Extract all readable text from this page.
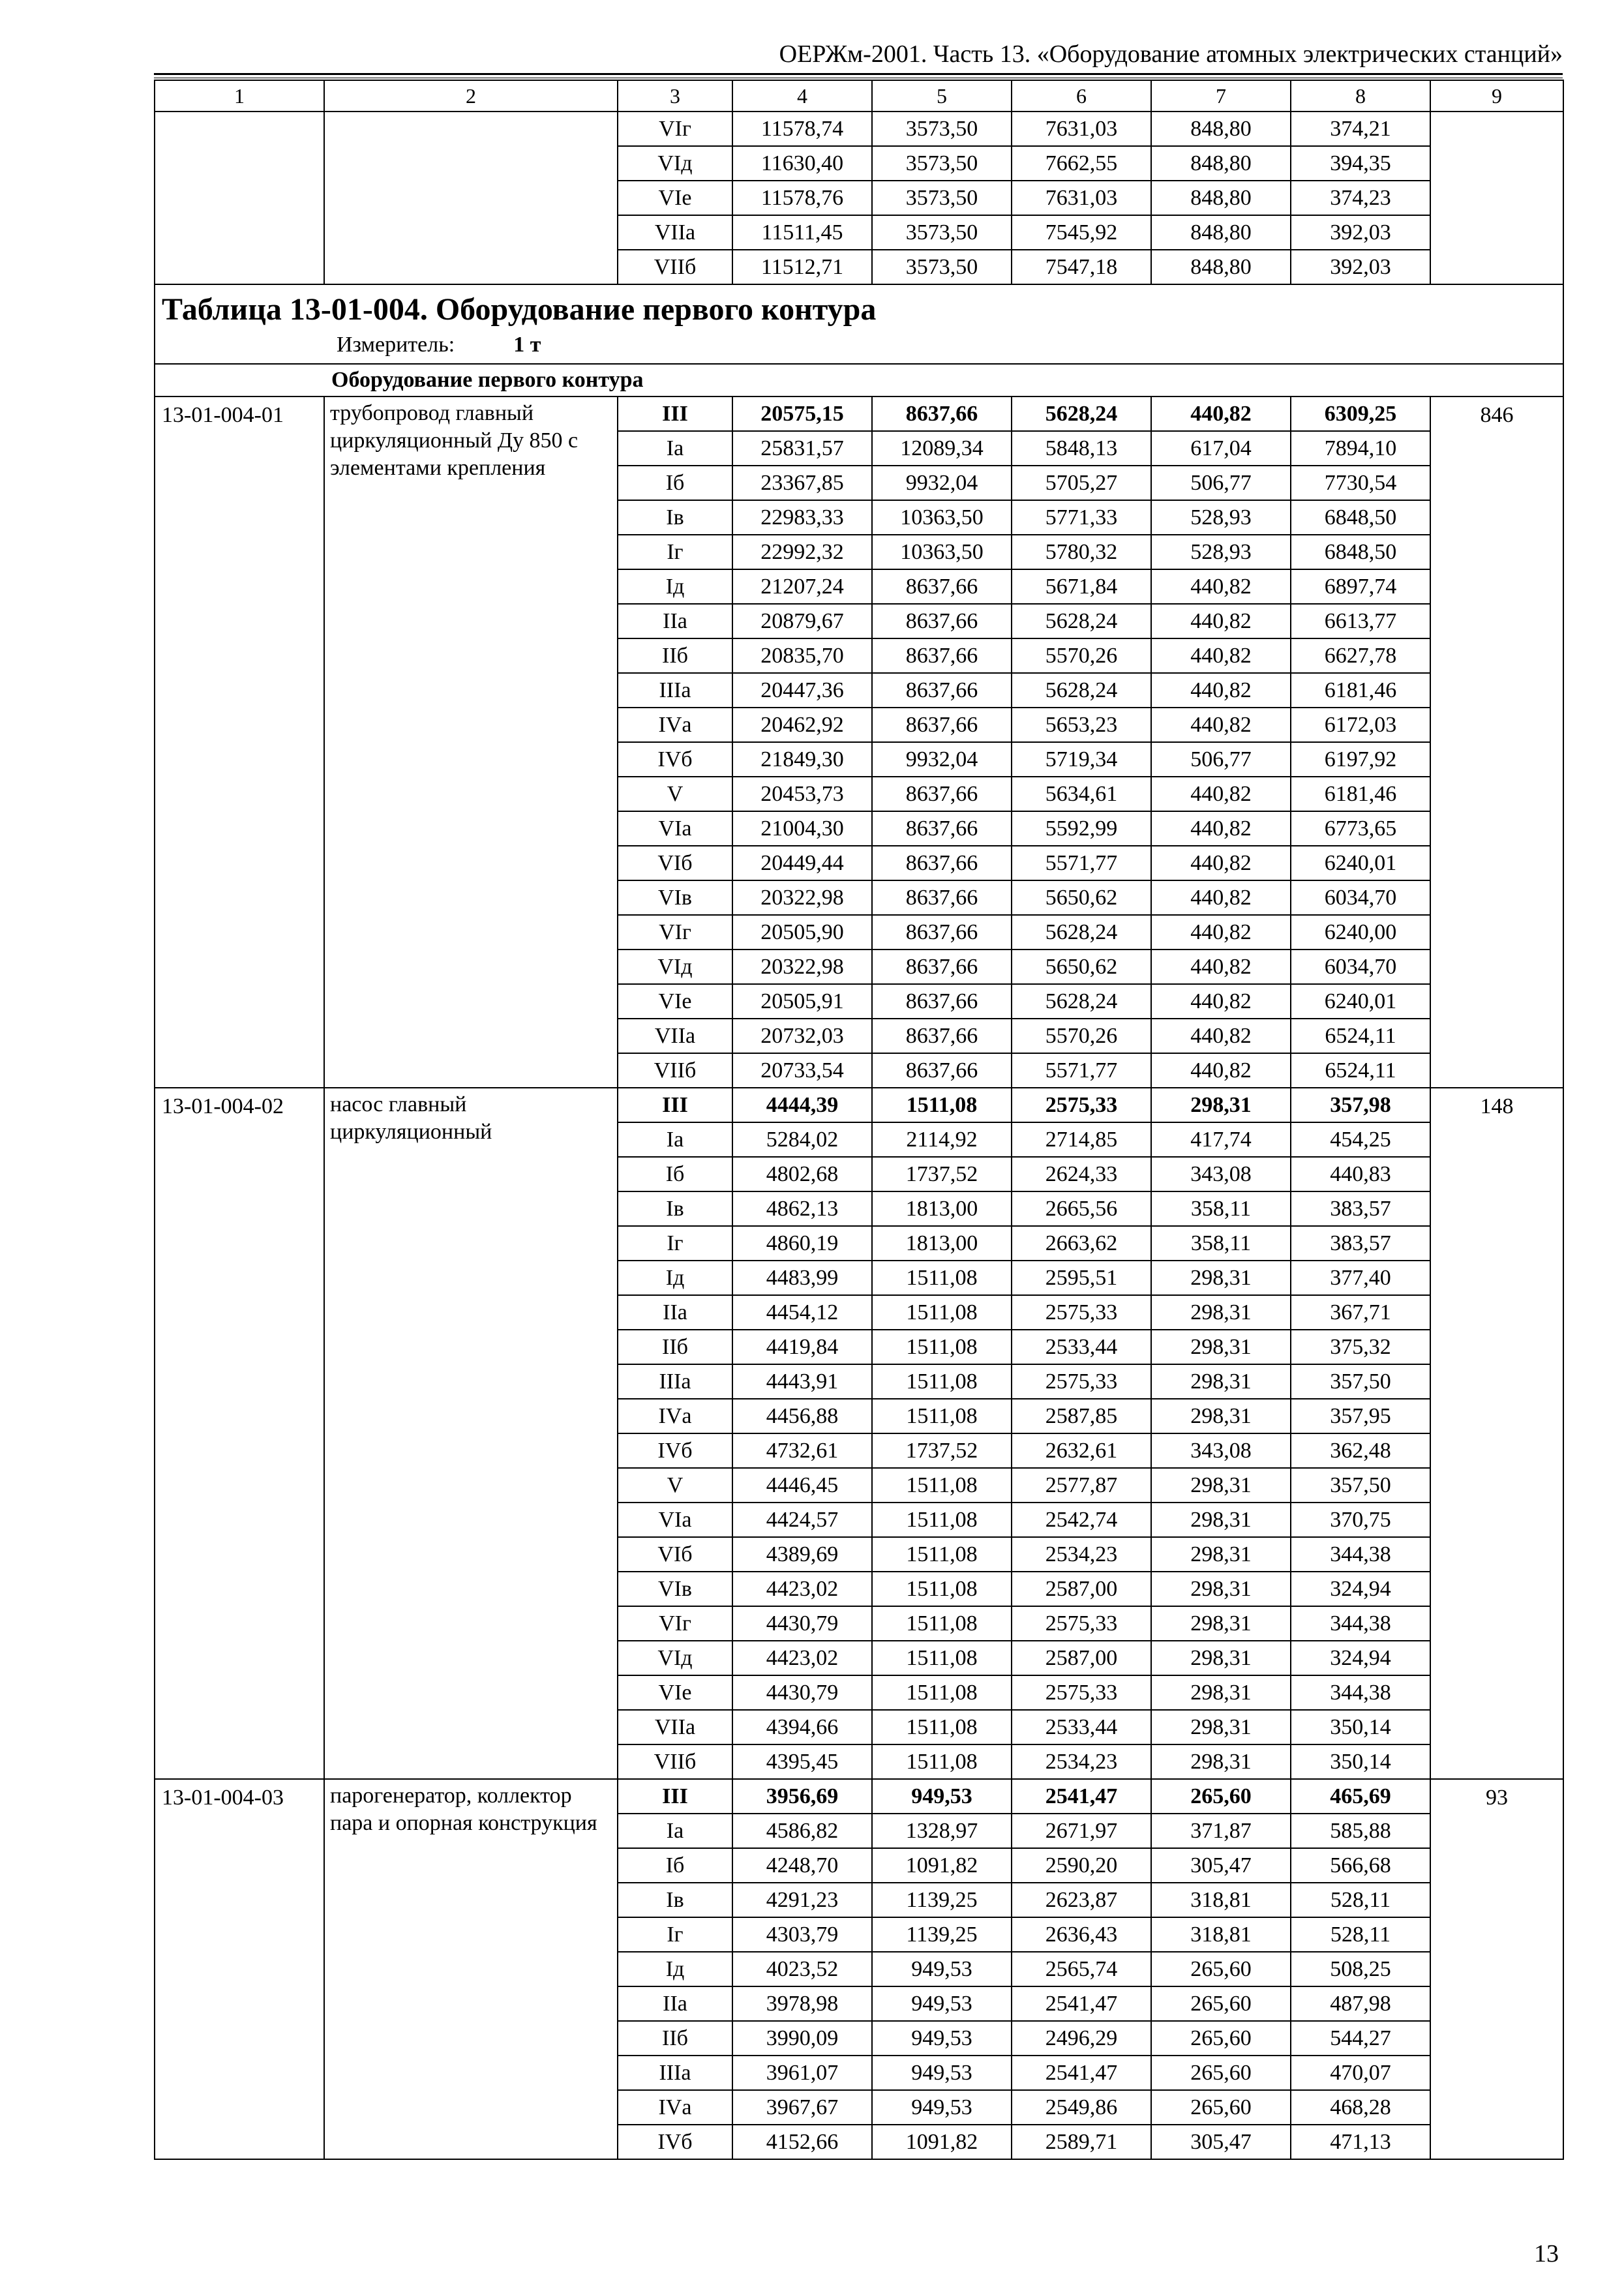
ОЕРЖм-2001. Часть 13. «Оборудование атомных электрических станций»
1	2	3	4	5	6	7	8	9
		VIг	11578,74	3573,50	7631,03	848,80	374,21	
		VIд	11630,40	3573,50	7662,55	848,80	394,35	
		VIе	11578,76	3573,50	7631,03	848,80	374,23	
		VIIа	11511,45	3573,50	7545,92	848,80	392,03	
		VIIб	11512,71	3573,50	7547,18	848,80	392,03	

Таблица 13-01-004. Оборудование первого контура
Измеритель: 1 т								

Оборудование первого контура								
13-01-004-01	трубопровод главный циркуляционный Ду 850 с элементами крепления	III	20575,15	8637,66	5628,24	440,82	6309,25	846
		Iа	25831,57	12089,34	5848,13	617,04	7894,10	
		Iб	23367,85	9932,04	5705,27	506,77	7730,54	
		Iв	22983,33	10363,50	5771,33	528,93	6848,50	
		Iг	22992,32	10363,50	5780,32	528,93	6848,50	
		Iд	21207,24	8637,66	5671,84	440,82	6897,74	
		IIа	20879,67	8637,66	5628,24	440,82	6613,77	
		IIб	20835,70	8637,66	5570,26	440,82	6627,78	
		IIIа	20447,36	8637,66	5628,24	440,82	6181,46	
		IVа	20462,92	8637,66	5653,23	440,82	6172,03	
		IVб	21849,30	9932,04	5719,34	506,77	6197,92	
		V	20453,73	8637,66	5634,61	440,82	6181,46	
		VIа	21004,30	8637,66	5592,99	440,82	6773,65	
		VIб	20449,44	8637,66	5571,77	440,82	6240,01	
		VIв	20322,98	8637,66	5650,62	440,82	6034,70	
		VIг	20505,90	8637,66	5628,24	440,82	6240,00	
		VIд	20322,98	8637,66	5650,62	440,82	6034,70	
		VIе	20505,91	8637,66	5628,24	440,82	6240,01	
		VIIа	20732,03	8637,66	5570,26	440,82	6524,11	
		VIIб	20733,54	8637,66	5571,77	440,82	6524,11	
13-01-004-02	насос главный циркуляционный	III	4444,39	1511,08	2575,33	298,31	357,98	148
		Iа	5284,02	2114,92	2714,85	417,74	454,25	
		Iб	4802,68	1737,52	2624,33	343,08	440,83	
		Iв	4862,13	1813,00	2665,56	358,11	383,57	
		Iг	4860,19	1813,00	2663,62	358,11	383,57	
		Iд	4483,99	1511,08	2595,51	298,31	377,40	
		IIа	4454,12	1511,08	2575,33	298,31	367,71	
		IIб	4419,84	1511,08	2533,44	298,31	375,32	
		IIIа	4443,91	1511,08	2575,33	298,31	357,50	
		IVа	4456,88	1511,08	2587,85	298,31	357,95	
		IVб	4732,61	1737,52	2632,61	343,08	362,48	
		V	4446,45	1511,08	2577,87	298,31	357,50	
		VIа	4424,57	1511,08	2542,74	298,31	370,75	
		VIб	4389,69	1511,08	2534,23	298,31	344,38	
		VIв	4423,02	1511,08	2587,00	298,31	324,94	
		VIг	4430,79	1511,08	2575,33	298,31	344,38	
		VIд	4423,02	1511,08	2587,00	298,31	324,94	
		VIе	4430,79	1511,08	2575,33	298,31	344,38	
		VIIа	4394,66	1511,08	2533,44	298,31	350,14	
		VIIб	4395,45	1511,08	2534,23	298,31	350,14	
13-01-004-03	парогенератор, коллектор пара и опорная конструкция	III	3956,69	949,53	2541,47	265,60	465,69	93
		Iа	4586,82	1328,97	2671,97	371,87	585,88	
		Iб	4248,70	1091,82	2590,20	305,47	566,68	
		Iв	4291,23	1139,25	2623,87	318,81	528,11	
		Iг	4303,79	1139,25	2636,43	318,81	528,11	
		Iд	4023,52	949,53	2565,74	265,60	508,25	
		IIа	3978,98	949,53	2541,47	265,60	487,98	
		IIб	3990,09	949,53	2496,29	265,60	544,27	
		IIIа	3961,07	949,53	2541,47	265,60	470,07	
		IVа	3967,67	949,53	2549,86	265,60	468,28	
		IVб	4152,66	1091,82	2589,71	305,47	471,13	
13
